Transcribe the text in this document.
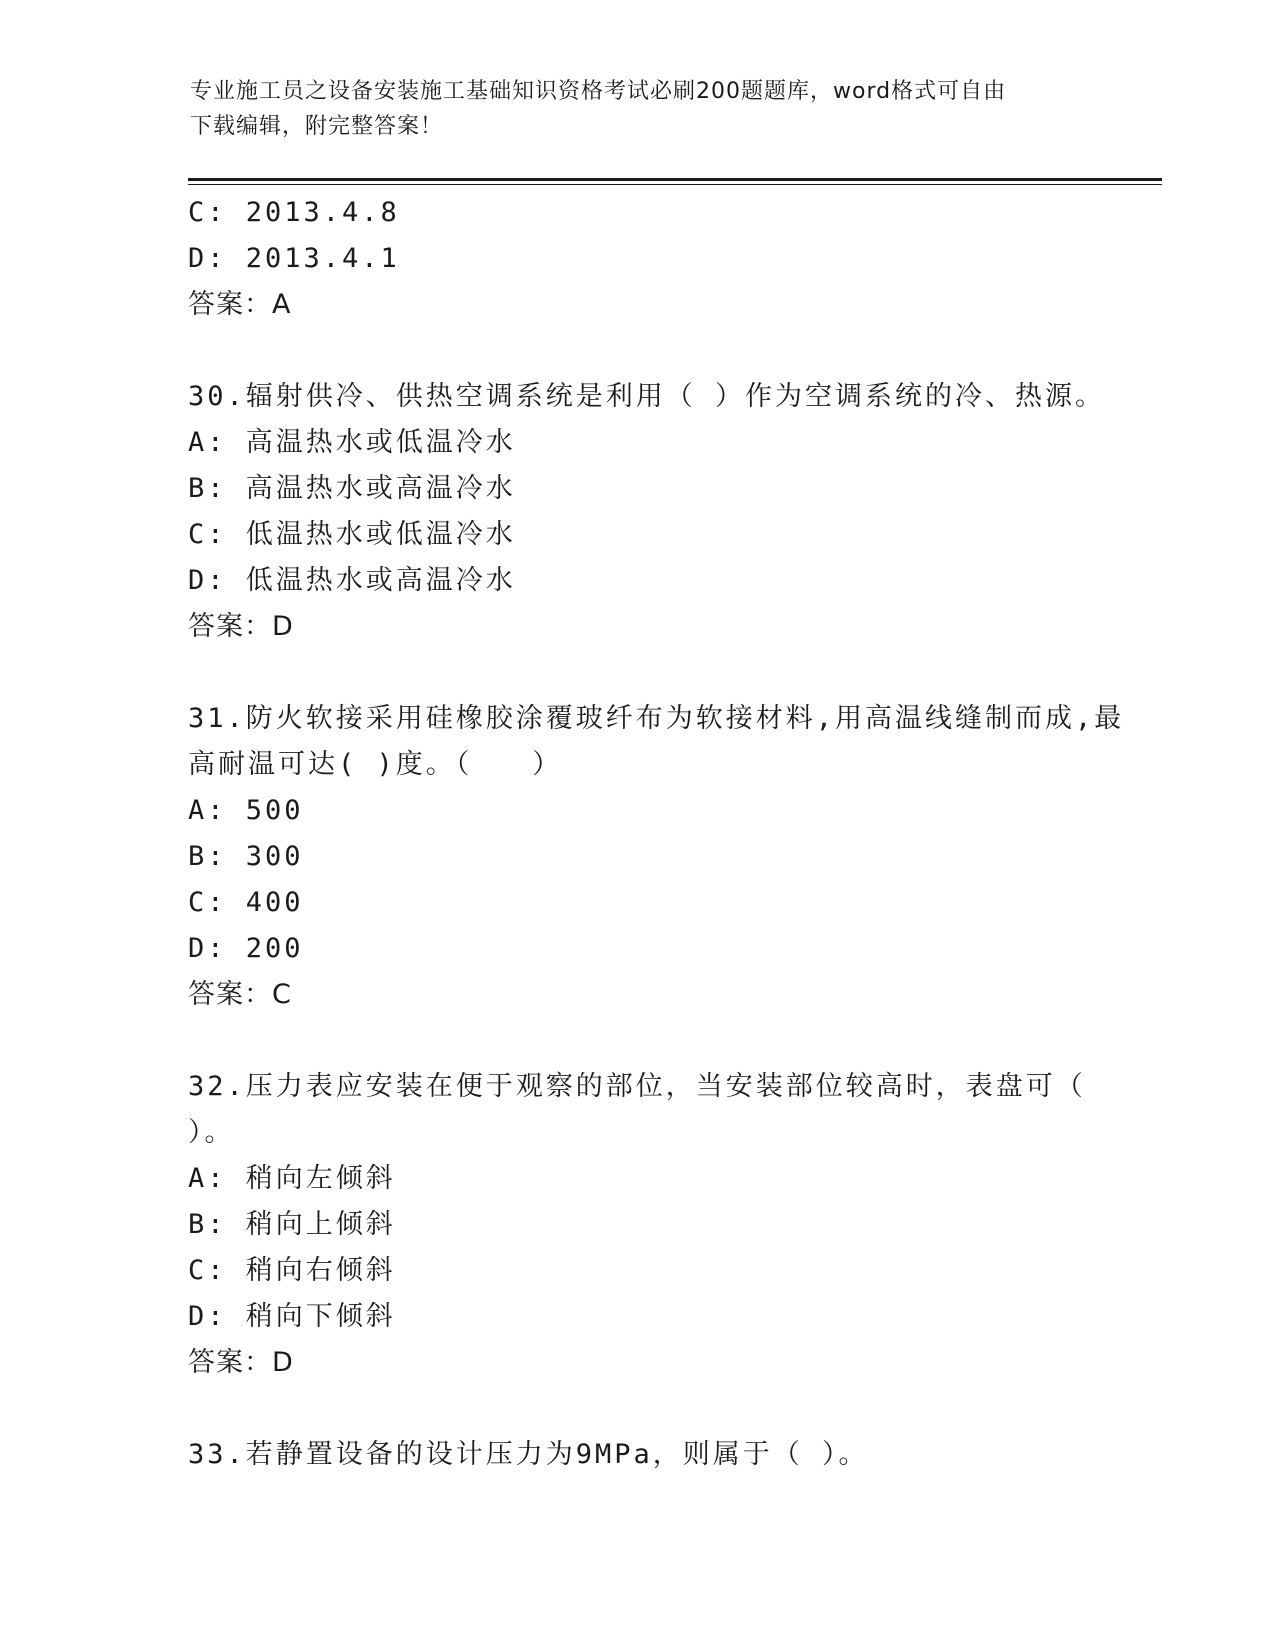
专业施工员之设备安装施工基础知识资格考试必刷200题题库，word格式可自由
下载编辑，附完整答案！
C: 2013.4.8
D: 2013.4.1
答案：A
30.辐射供冷、供热空调系统是利用（ ）作为空调系统的冷、热源。
A: 高温热水或低温冷水
B: 高温热水或高温冷水
C: 低温热水或低温冷水
D: 低温热水或高温冷水
答案：D
31.防火软接采用硅橡胶涂覆玻纤布为软接材料,用高温线缝制而成,最
高耐温可达( )度。（　　）
A: 500
B: 300
C: 400
D: 200
答案：C
32.压力表应安装在便于观察的部位，当安装部位较高时，表盘可（
）。
A: 稍向左倾斜
B: 稍向上倾斜
C: 稍向右倾斜
D: 稍向下倾斜
答案：D
33.若静置设备的设计压力为9MPa，则属于（ ）。
